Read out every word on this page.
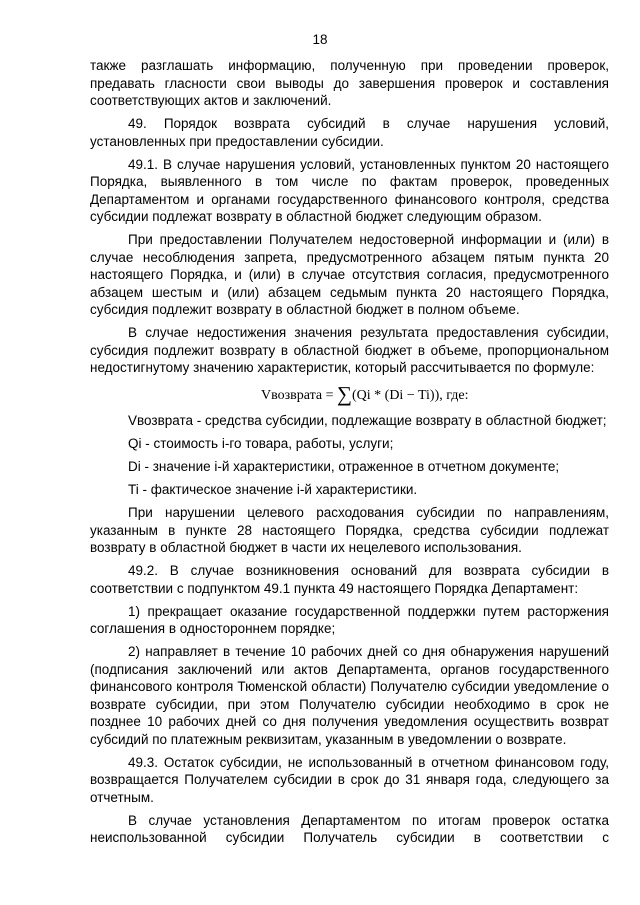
18

также разглашать информацию, полученную при проведении проверок, предавать гласности свои выводы до завершения проверок и составления соответствующих актов и заключений.

49. Порядок возврата субсидий в случае нарушения условий, установленных при предоставлении субсидии.

49.1. В случае нарушения условий, установленных пунктом 20 настоящего Порядка, выявленного в том числе по фактам проверок, проведенных Департаментом и органами государственного финансового контроля, средства субсидии подлежат возврату в областной бюджет следующим образом.

При предоставлении Получателем недостоверной информации и (или) в случае несоблюдения запрета, предусмотренного абзацем пятым пункта 20 настоящего Порядка, и (или) в случае отсутствия согласия, предусмотренного абзацем шестым и (или) абзацем седьмым пункта 20 настоящего Порядка, субсидия подлежит возврату в областной бюджет в полном объеме.

В случае недостижения значения результата предоставления субсидии, субсидия подлежит возврату в областной бюджет в объеме, пропорциональном недостигнутому значению характеристик, который рассчитывается по формуле:

Vвозврата = ∑(Qi * (Di − Ti)), где:

Vвозврата - средства субсидии, подлежащие возврату в областной бюджет;

Qi - стоимость i-го товара, работы, услуги;

Di - значение i-й характеристики, отраженное в отчетном документе;

Ti - фактическое значение i-й характеристики.

При нарушении целевого расходования субсидии по направлениям, указанным в пункте 28 настоящего Порядка, средства субсидии подлежат возврату в областной бюджет в части их нецелевого использования.

49.2. В случае возникновения оснований для возврата субсидии в соответствии с подпунктом 49.1 пункта 49 настоящего Порядка Департамент:

1) прекращает оказание государственной поддержки путем расторжения соглашения в одностороннем порядке;

2) направляет в течение 10 рабочих дней со дня обнаружения нарушений (подписания заключений или актов Департамента, органов государственного финансового контроля Тюменской области) Получателю субсидии уведомление о возврате субсидии, при этом Получателю субсидии необходимо в срок не позднее 10 рабочих дней со дня получения уведомления осуществить возврат субсидий по платежным реквизитам, указанным в уведомлении о возврате.

49.3. Остаток субсидии, не использованный в отчетном финансовом году, возвращается Получателем субсидии в срок до 31 января года, следующего за отчетным.

В случае установления Департаментом по итогам проверок остатка неиспользованной субсидии Получатель субсидии в соответствии с
